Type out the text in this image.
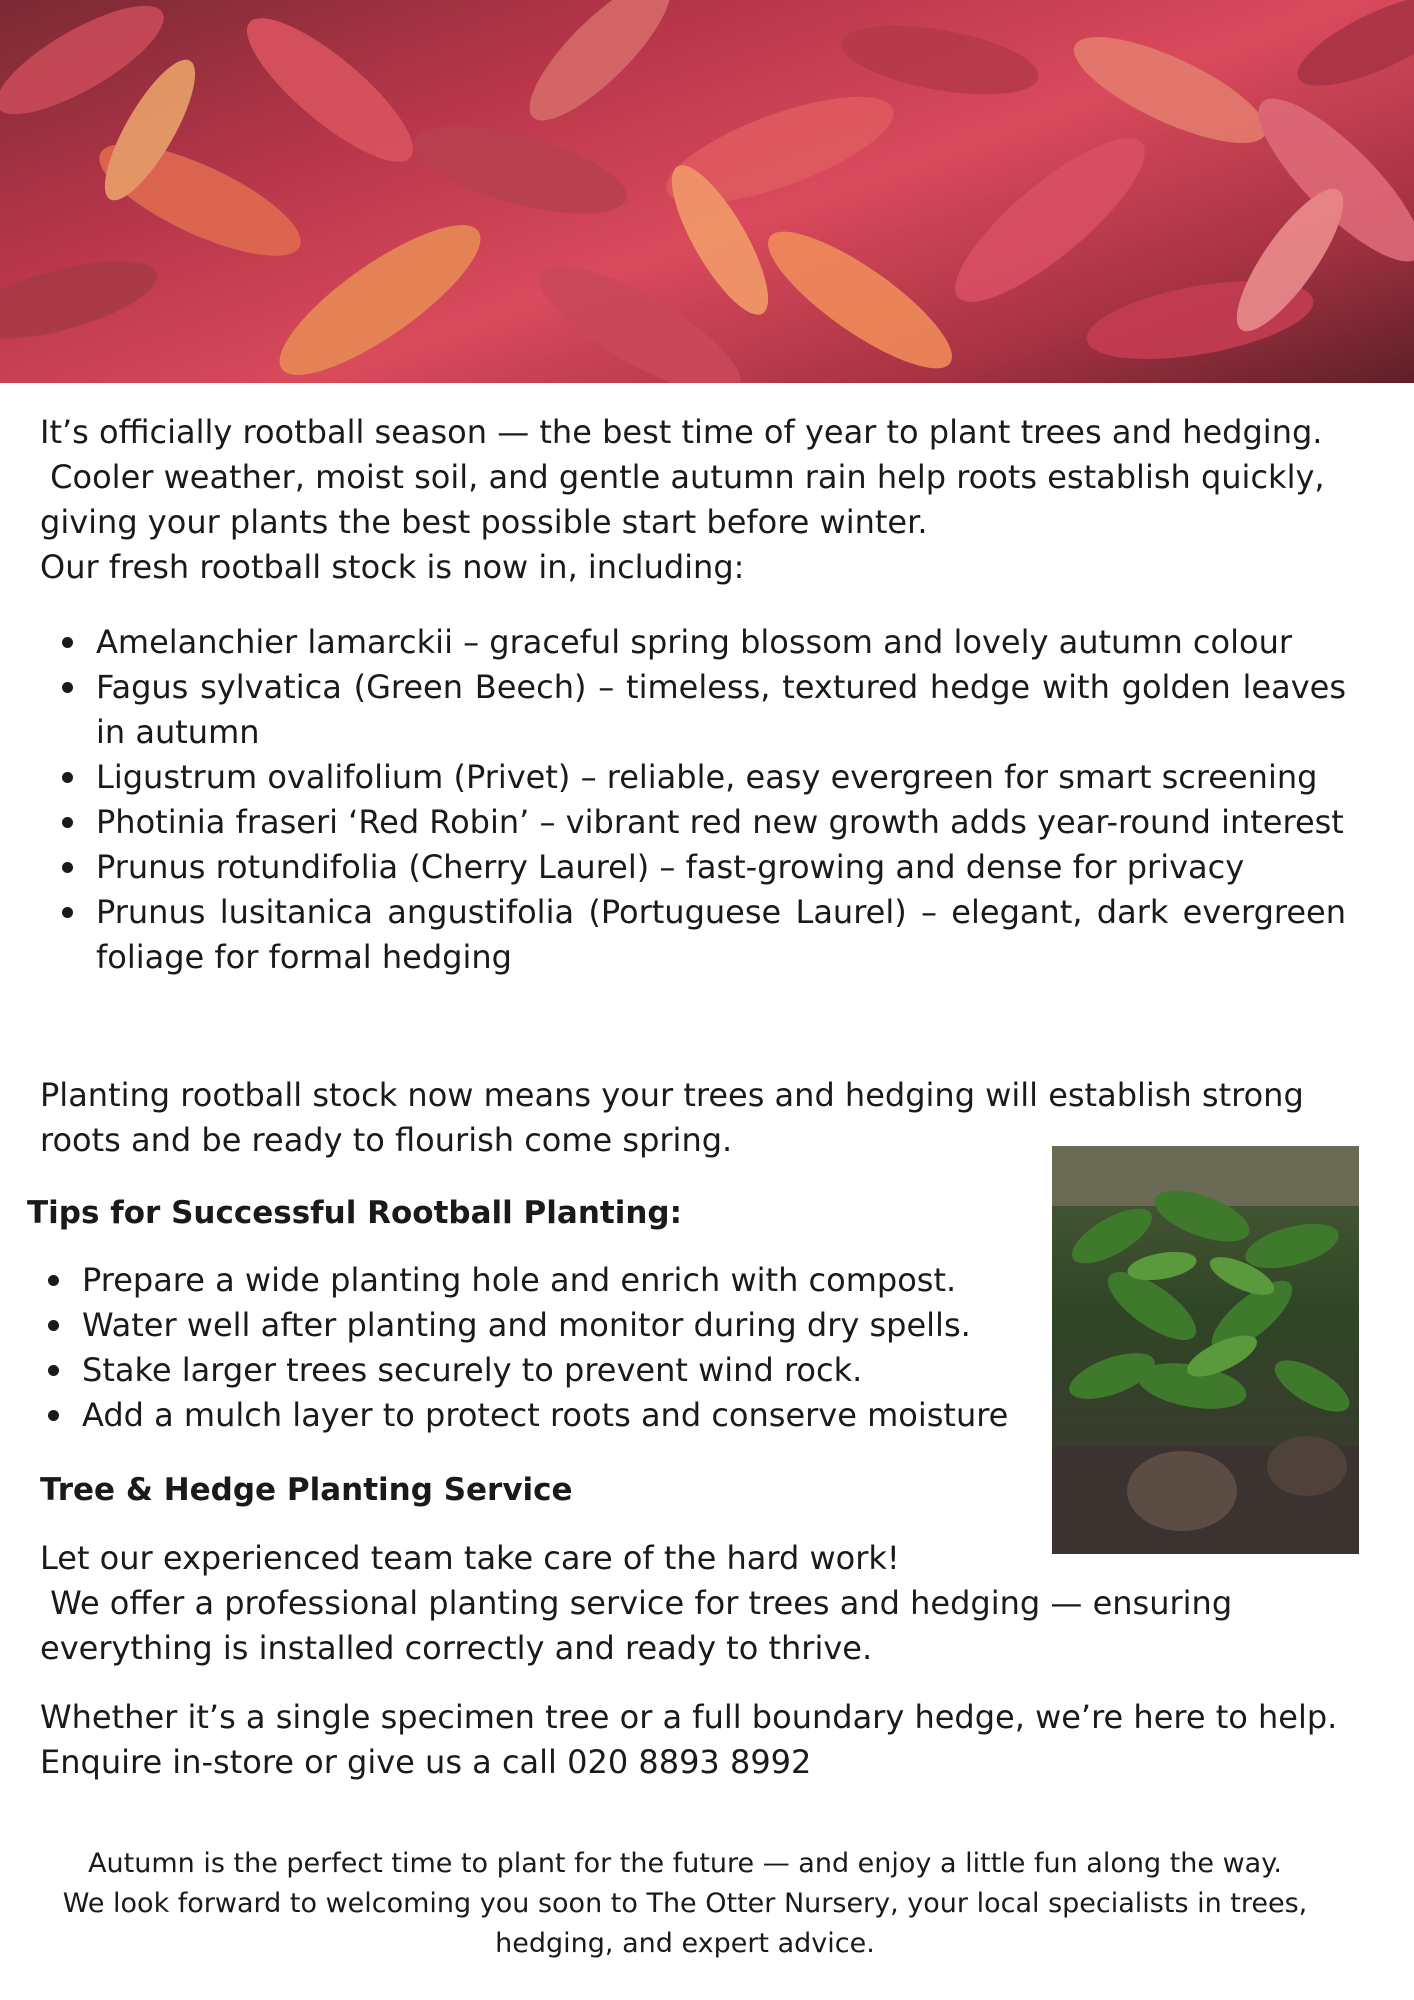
It’s officially rootball season — the best time of year to plant trees and hedging.

Cooler weather, moist soil, and gentle autumn rain help roots establish quickly, giving your plants the best possible start before winter.

Our fresh rootball stock is now in, including:

Amelanchier lamarckii – graceful spring blossom and lovely autumn colour
Fagus sylvatica (Green Beech) – timeless, textured hedge with golden leaves in autumn
Ligustrum ovalifolium (Privet) – reliable, easy evergreen for smart screening
Photinia fraseri ‘Red Robin’ – vibrant red new growth adds year-round interest
Prunus rotundifolia (Cherry Laurel) – fast-growing and dense for privacy
Prunus lusitanica angustifolia (Portuguese Laurel) – elegant, dark evergreen foliage for formal hedging

Planting rootball stock now means your trees and hedging will establish strong roots and be ready to flourish come spring.

Tips for Successful Rootball Planting:
Prepare a wide planting hole and enrich with compost.
Water well after planting and monitor during dry spells.
Stake larger trees securely to prevent wind rock.
Add a mulch layer to protect roots and conserve moisture
Tree & Hedge Planting Service

Let our experienced team take care of the hard work!

We offer a professional planting service for trees and hedging — ensuring everything is installed correctly and ready to thrive.

Whether it’s a single specimen tree or a full boundary hedge, we’re here to help.

Enquire in-store or give us a call 020 8893 8992

Autumn is the perfect time to plant for the future — and enjoy a little fun along the way.
We look forward to welcoming you soon to The Otter Nursery, your local specialists in trees, hedging, and expert advice.
